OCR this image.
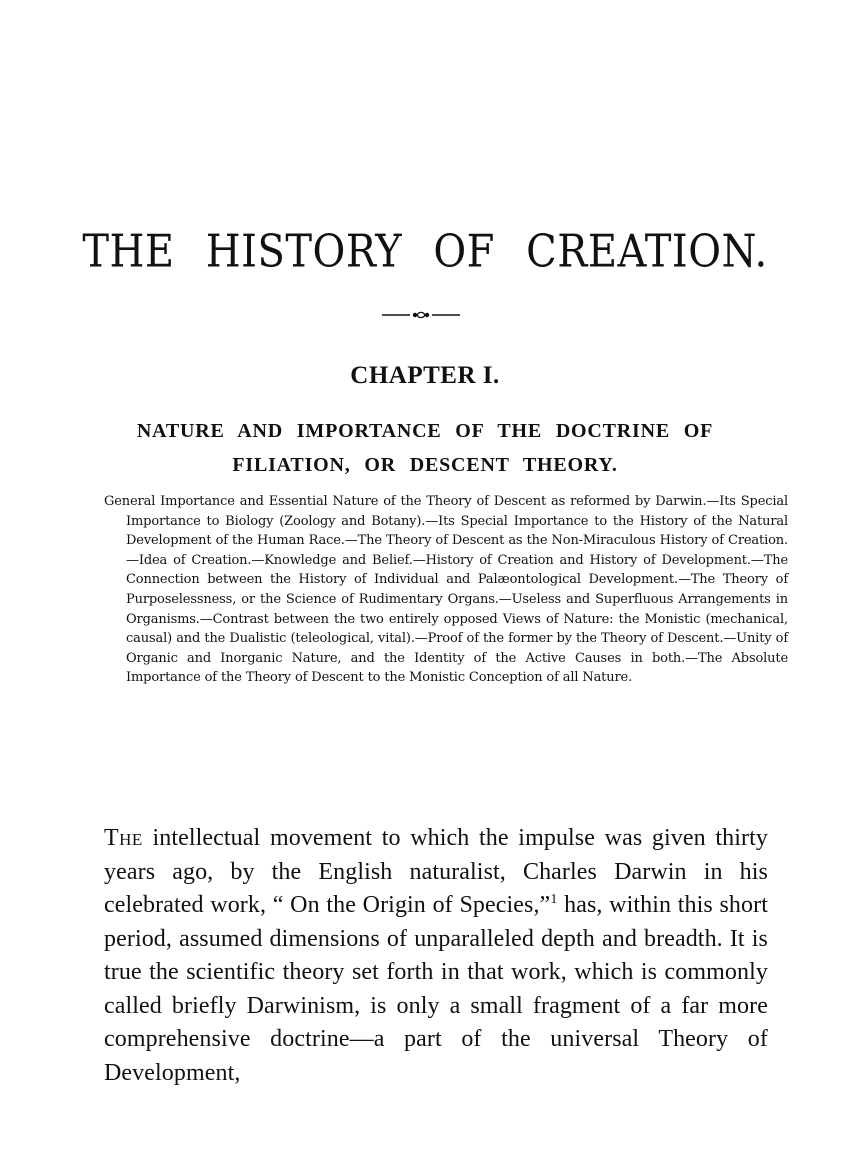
THE HISTORY OF CREATION.
CHAPTER I.
NATURE AND IMPORTANCE OF THE DOCTRINE OF FILIATION, OR DESCENT THEORY.

General Importance and Essential Nature of the Theory of Descent as reformed by Darwin.—Its Special Importance to Biology (Zoology and Botany).—Its Special Importance to the History of the Natural Development of the Human Race.—The Theory of Descent as the Non-Miraculous History of Creation.—Idea of Creation.—Knowledge and Belief.—History of Creation and History of Development.—The Connection between the History of Individual and Palæontological Development.—The Theory of Purposelessness, or the Science of Rudimentary Organs.—Useless and Superfluous Arrangements in Organisms.—Contrast between the two entirely opposed Views of Nature: the Monistic (mechanical, causal) and the Dualistic (teleological, vital).—Proof of the former by the Theory of Descent.—Unity of Organic and Inorganic Nature, and the Identity of the Active Causes in both.—The Absolute Importance of the Theory of Descent to the Monistic Conception of all Nature.

The intellectual movement to which the impulse was given thirty years ago, by the English naturalist, Charles Darwin in his celebrated work, “ On the Origin of Species,”$^1$ has, within this short period, assumed dimensions of unparalleled depth and breadth. It is true the scientific theory set forth in that work, which is commonly called briefly Darwinism, is only a small fragment of a far more comprehensive doctrine—a part of the universal Theory of Development,
